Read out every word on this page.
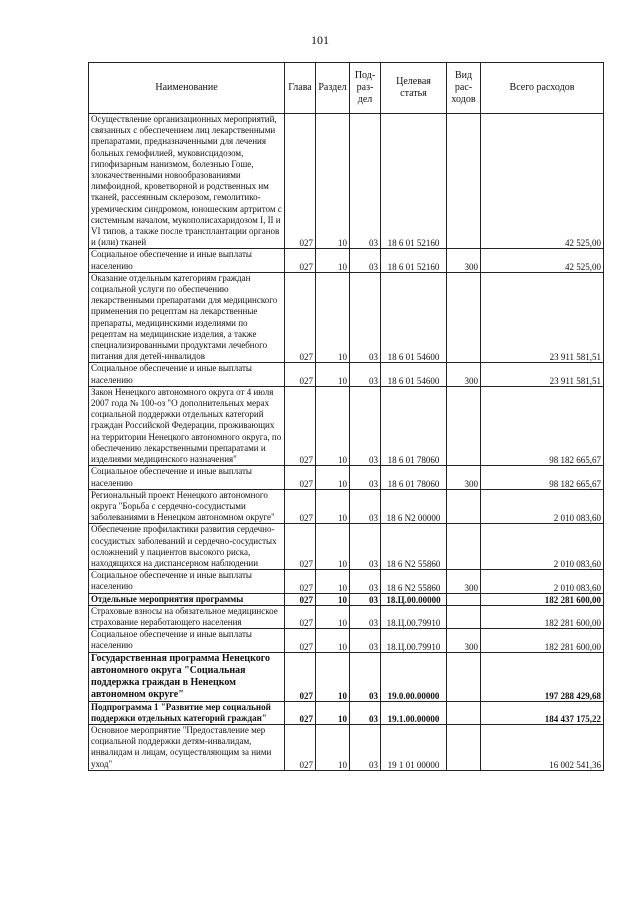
101
Наименование	Глава	Раздел	Под-раз-дел	Целевая статья	Вид рас-ходов	Всего расходов
Осуществление организационных мероприятий, связанных с обеспечением лиц лекарственными препаратами, предназначенными для лечения больных гемофилией, муковисцидозом, гипофизарным нанизмом, болезнью Гоше, злокачественными новообразованиями лимфоидной, кроветворной и родственных им тканей, рассеянным склерозом, гемолитико-уремическим синдромом, юношеским артритом с системным началом, мукополисахаридозом I, II и VI типов, а также после трансплантации органов и (или) тканей	027	10	03	18 6 01 52160		42 525,00
Социальное обеспечение и иные выплаты населению	027	10	03	18 6 01 52160	300	42 525,00
Оказание отдельным категориям граждан социальной услуги по обеспечению лекарственными препаратами для медицинского применения по рецептам на лекарственные препараты, медицинскими изделиями по рецептам на медицинские изделия, а также специализированными продуктами лечебного питания для детей-инвалидов	027	10	03	18 6 01 54600		23 911 581,51
Социальное обеспечение и иные выплаты населению	027	10	03	18 6 01 54600	300	23 911 581,51
Закон Ненецкого автономного округа от 4 июля 2007 года № 100-оз "О дополнительных мерах социальной поддержки отдельных категорий граждан Российской Федерации, проживающих на территории Ненецкого автономного округа, по обеспечению лекарственными препаратами и изделиями медицинского назначения"	027	10	03	18 6 01 78060		98 182 665,67
Социальное обеспечение и иные выплаты населению	027	10	03	18 6 01 78060	300	98 182 665,67
Региональный проект Ненецкого автономного округа "Борьба с сердечно-сосудистыми заболеваниями в Ненецком автономном округе"	027	10	03	18 6 N2 00000		2 010 083,60
Обеспечение профилактики развития сердечно-сосудистых заболеваний и сердечно-сосудистых осложнений у пациентов высокого риска, находящихся на диспансерном наблюдении	027	10	03	18 6 N2 55860		2 010 083,60
Социальное обеспечение и иные выплаты населению	027	10	03	18 6 N2 55860	300	2 010 083,60
Отдельные мероприятия программы	027	10	03	18.Ц.00.00000		182 281 600,00
Страховые взносы на обязательное медицинское страхование неработающего населения	027	10	03	18.Ц.00.79910		182 281 600,00
Социальное обеспечение и иные выплаты населению	027	10	03	18.Ц.00.79910	300	182 281 600,00
Государственная программа Ненецкого автономного округа "Социальная поддержка граждан в Ненецком автономном округе"	027	10	03	19.0.00.00000		197 288 429,68
Подпрограмма 1 "Развитие мер социальной поддержки отдельных категорий граждан"	027	10	03	19.1.00.00000		184 437 175,22
Основное мероприятие "Предоставление мер социальной поддержки детям-инвалидам, инвалидам и лицам, осуществляющим за ними уход"	027	10	03	19 1 01 00000		16 002 541,36
